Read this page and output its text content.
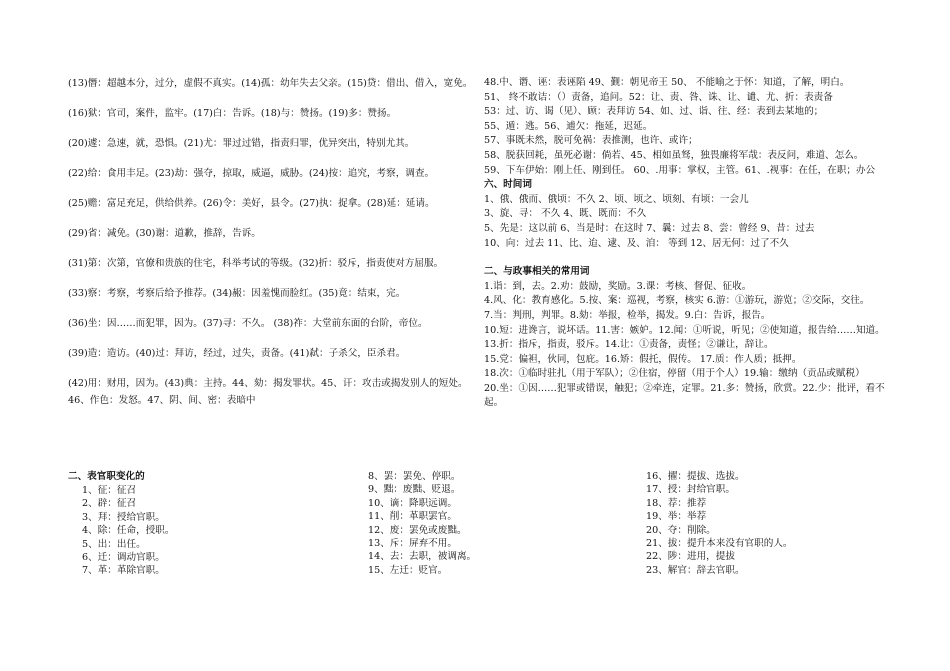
(13)僭：超越本分，过分，虚假不真实。(14)孤：幼年失去父亲。(15)贷：借出、借入，宽免。
(16)狱：官司，案件，监牢。(17)白：告诉。(18)与：赞扬。(19)多：赞扬。
(20)遽：急速，就，恐惧。(21)尤：罪过过错，指责归罪，优异突出，特别尤其。
(22)给：食用丰足。(23)劫：强夺，掠取，威逼，威胁。(24)按：追究，考察，调查。
(25)赡：富足充足，供给供养。(26)令：美好，县令。(27)执：捉拿。(28)延：延请。
(29)省：减免。(30)谢：道歉，推辞，告诉。
(31)第：次第，官僚和贵族的住宅，科举考试的等级。(32)折：驳斥，指责使对方屈服。
(33)察：考察，考察后给予推荐。(34)赧：因羞愧而脸红。(35)竟：结束，完。
(36)坐：因……而犯罪，因为。(37)寻：不久。 (38)祚：大堂前东面的台阶，帝位。
(39)造：造访。(40)过：拜访，经过，过失，责备。(41)弑：子杀父，臣杀君。
(42)用：财用，因为。(43)典：主持。44、劾：揭发罪状。45、讦：攻击或揭发别人的短处。
46、作色：发怒。47、阴、间、密：表暗中
48.中、谮、诬：表诬陷 49、觐：朝见帝王 50、 不能喻之于怀：知道，了解，明白。
51、 终不敢诘：（）责备，追问。52：让、责、咎、诛、让、谴、尤、折：表责备
53：过、访、谒（见）、顾：表拜访 54、如、过、诣、往、经：表到去某地的；
55、遁：逃。56、逋欠：拖延，迟延。
57、事既未然，脱可免祸：表推测，也许、或许；
58、脱获回耗，虽死必谢：倘若、45、相如虽驽，独畏廉将军哉：表反问，难道、怎么。
59、下车伊始：刚上任、刚到任。 60、.用事：掌权，主管。61、.视事：在任，在职；办公
六、时间词
1、俄、俄而、俄顷：不久 2、顷、顷之、顷刻、有顷：一会儿
3、旋、寻： 不久 4、既、既而：不久
5、先是：这以前 6、当是时：在这时 7、曩：过去 8、尝：曾经 9、昔：过去
10、向：过去 11、比、迨、逮、及、洎： 等到 12、居无何：过了不久
二、与政事相关的常用词
1.诣：到，去。2.劝：鼓励，奖励。3.课：考核、督促、征收。
4.风、化：教育感化。5.按、案：巡视，考察，核实 6.游：①游玩，游览；②交际，交往。
7.当：判刑，判罪。8.劾：举报，检举，揭发。9.白：告诉，报告。
10.短：进谗言，说坏话。11.害：嫉妒。12.闻：①听说，听见；②使知道，报告给……知道。
13.折：指斥，指责，驳斥。14.让：①责备，责怪；②谦让，辞让。
15.党：偏袒，伙同，包庇。16.矫：假托，假传。 17.质：作人质；抵押。
18.次：①临时驻扎（用于军队）；②住宿，停留（用于个人）19.输：缴纳（贡品或赋税）
20.坐：①因……犯罪或错误，触犯；②牵连，定罪。21.多：赞扬，欣赏。22.少：批评，看不起。
二、表官职变化的
1、征：征召
2、辟：征召
3、拜：授给官职。
4、除：任命，授职。
5、出：出任。
6、迁：调动官职。
7、革：革除官职。
8、罢：罢免、停职。
9、黜：废黜、贬退。
10、谪：降职远调。
11、削：革职罢官。
12、废：罢免或废黜。
13、斥：屏弃不用。
14、去：去职，被调离。
15、左迁：贬官。
16、擢：提拔、选拔。
17、授：封给官职。
18、荐：推荐
19、举：举荐
20、夺：削除。
21、拔：提升本来没有官职的人。
22、陟：进用，提拔
23、解官：辞去官职。
